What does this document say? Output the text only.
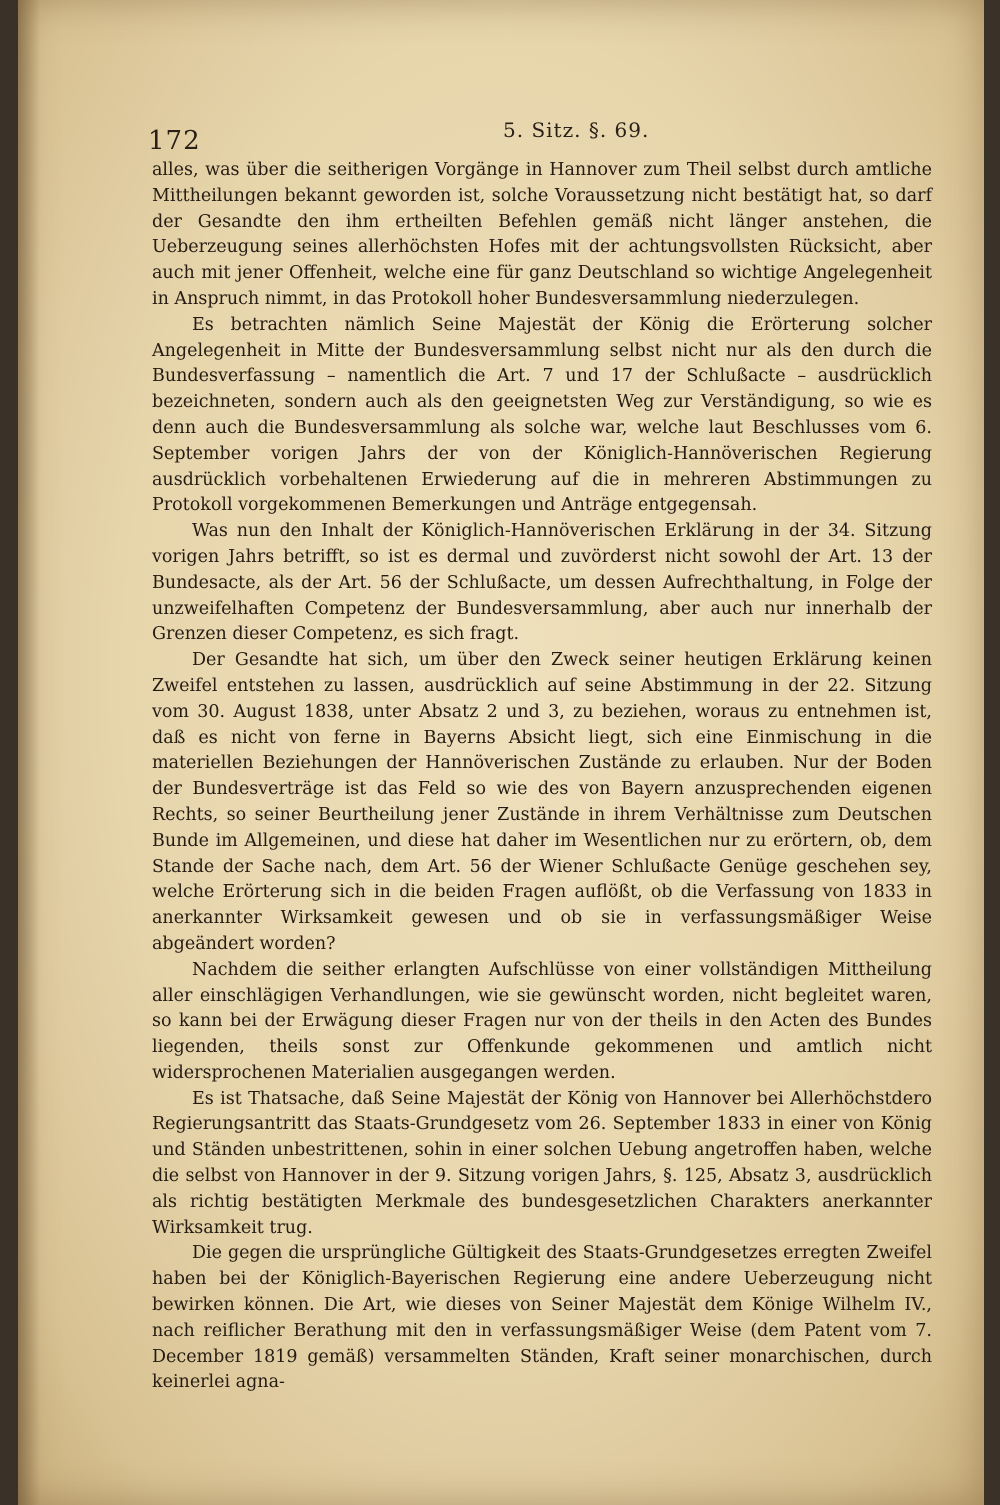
172	5. Sitz. §. 69.

alles, was über die seitherigen Vorgänge in Hannover zum Theil selbst durch amtliche Mittheilungen bekannt geworden ist, solche Voraussetzung nicht bestätigt hat, so darf der Gesandte den ihm ertheilten Befehlen gemäß nicht länger anstehen, die Ueberzeugung seines allerhöchsten Hofes mit der achtungsvollsten Rücksicht, aber auch mit jener Offenheit, welche eine für ganz Deutschland so wichtige Angelegenheit in Anspruch nimmt, in das Protokoll hoher Bundesversammlung niederzulegen.

Es betrachten nämlich Seine Majestät der König die Erörterung solcher Angelegenheit in Mitte der Bundesversammlung selbst nicht nur als den durch die Bundesverfassung – namentlich die Art. 7 und 17 der Schlußacte – ausdrücklich bezeichneten, sondern auch als den geeignetsten Weg zur Verständigung, so wie es denn auch die Bundesversammlung als solche war, welche laut Beschlusses vom 6. September vorigen Jahrs der von der Königlich-Hannöverischen Regierung ausdrücklich vorbehaltenen Erwiederung auf die in mehreren Abstimmungen zu Protokoll vorgekommenen Bemerkungen und Anträge entgegensah.

Was nun den Inhalt der Königlich-Hannöverischen Erklärung in der 34. Sitzung vorigen Jahrs betrifft, so ist es dermal und zuvörderst nicht sowohl der Art. 13 der Bundesacte, als der Art. 56 der Schlußacte, um dessen Aufrechthaltung, in Folge der unzweifelhaften Competenz der Bundesversammlung, aber auch nur innerhalb der Grenzen dieser Competenz, es sich fragt.

Der Gesandte hat sich, um über den Zweck seiner heutigen Erklärung keinen Zweifel entstehen zu lassen, ausdrücklich auf seine Abstimmung in der 22. Sitzung vom 30. August 1838, unter Absatz 2 und 3, zu beziehen, woraus zu entnehmen ist, daß es nicht von ferne in Bayerns Absicht liegt, sich eine Einmischung in die materiellen Beziehungen der Hannöverischen Zustände zu erlauben. Nur der Boden der Bundesverträge ist das Feld so wie des von Bayern anzusprechenden eigenen Rechts, so seiner Beurtheilung jener Zustände in ihrem Verhältnisse zum Deutschen Bunde im Allgemeinen, und diese hat daher im Wesentlichen nur zu erörtern, ob, dem Stande der Sache nach, dem Art. 56 der Wiener Schlußacte Genüge geschehen sey, welche Erörterung sich in die beiden Fragen auflößt, ob die Verfassung von 1833 in anerkannter Wirksamkeit gewesen und ob sie in verfassungsmäßiger Weise abgeändert worden?

Nachdem die seither erlangten Aufschlüsse von einer vollständigen Mittheilung aller einschlägigen Verhandlungen, wie sie gewünscht worden, nicht begleitet waren, so kann bei der Erwägung dieser Fragen nur von der theils in den Acten des Bundes liegenden, theils sonst zur Offenkunde gekommenen und amtlich nicht widersprochenen Materialien ausgegangen werden.

Es ist Thatsache, daß Seine Majestät der König von Hannover bei Allerhöchstdero Regierungsantritt das Staats-Grundgesetz vom 26. September 1833 in einer von König und Ständen unbestrittenen, sohin in einer solchen Uebung angetroffen haben, welche die selbst von Hannover in der 9. Sitzung vorigen Jahrs, §. 125, Absatz 3, ausdrücklich als richtig bestätigten Merkmale des bundesgesetzlichen Charakters anerkannter Wirksamkeit trug.

Die gegen die ursprüngliche Gültigkeit des Staats-Grundgesetzes erregten Zweifel haben bei der Königlich-Bayerischen Regierung eine andere Ueberzeugung nicht bewirken können. Die Art, wie dieses von Seiner Majestät dem Könige Wilhelm IV., nach reiflicher Berathung mit den in verfassungsmäßiger Weise (dem Patent vom 7. December 1819 gemäß) versammelten Ständen, Kraft seiner monarchischen, durch keinerlei agna-
